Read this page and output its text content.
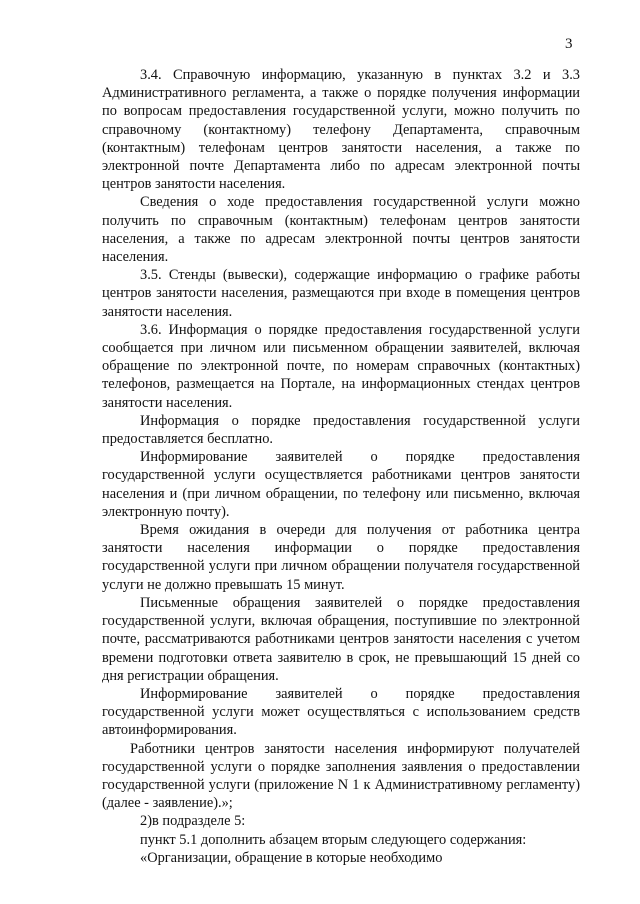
3

3.4. Справочную информацию, указанную в пунктах 3.2 и 3.3 Административного регламента, а также о порядке получения информации по вопросам предоставления государственной услуги, можно получить по справочному (контактному) телефону Департамента, справочным (контактным) телефонам центров занятости населения, а также по электронной почте Департамента либо по адресам электронной почты центров занятости населения.

Сведения о ходе предоставления государственной услуги можно получить по справочным (контактным) телефонам центров занятости населения, а также по адресам электронной почты центров занятости населения.

3.5. Стенды (вывески), содержащие информацию о графике работы центров занятости населения, размещаются при входе в помещения центров занятости населения.

3.6. Информация о порядке предоставления государственной услуги сообщается при личном или письменном обращении заявителей, включая обращение по электронной почте, по номерам справочных (контактных) телефонов, размещается на Портале, на информационных стендах центров занятости населения.

Информация о порядке предоставления государственной услуги предоставляется бесплатно.

Информирование заявителей о порядке предоставления государственной услуги осуществляется работниками центров занятости населения и (при личном обращении, по телефону или письменно, включая электронную почту).

Время ожидания в очереди для получения от работника центра занятости населения информации о порядке предоставления государственной услуги при личном обращении получателя государственной услуги не должно превышать 15 минут.

Письменные обращения заявителей о порядке предоставления государственной услуги, включая обращения, поступившие по электронной почте, рассматриваются работниками центров занятости населения с учетом времени подготовки ответа заявителю в срок, не превышающий 15 дней со дня регистрации обращения.

Информирование заявителей о порядке предоставления государственной услуги может осуществляться с использованием средств автоинформирования.

Работники центров занятости населения информируют получателей государственной услуги о порядке заполнения заявления о предоставлении государственной услуги (приложение N 1 к Административному регламенту) (далее - заявление).»;

2)в подразделе 5:

пункт 5.1 дополнить абзацем вторым следующего содержания:

«Организации, обращение в которые необходимо
